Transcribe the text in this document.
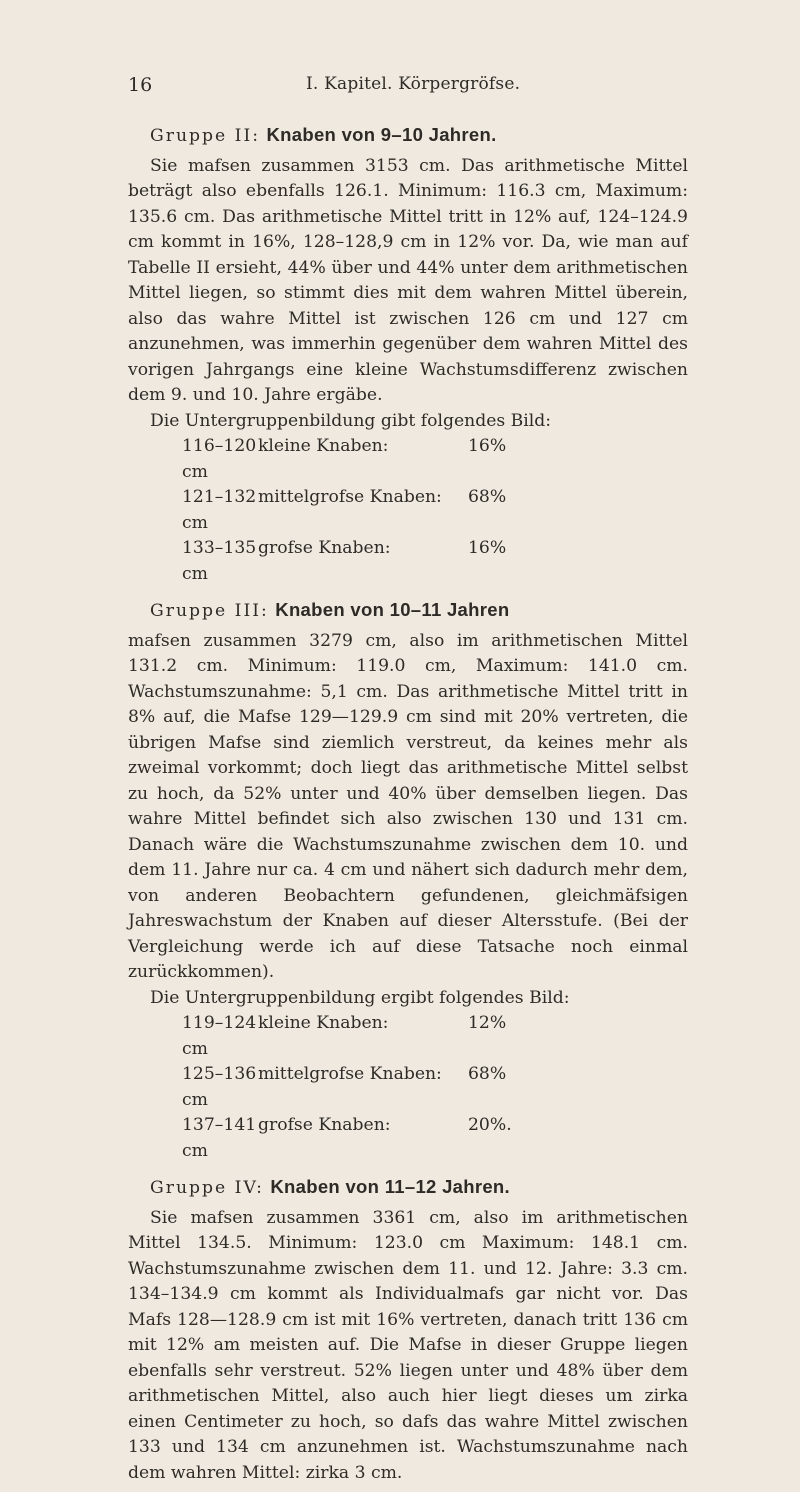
16	I. Kapitel. Körpergröfse.

Gruppe II: Knaben von 9–10 Jahren.

Sie mafsen zusammen 3153 cm. Das arithmetische Mittel beträgt also ebenfalls 126.1. Minimum: 116.3 cm, Maximum: 135.6 cm. Das arithmetische Mittel tritt in 12% auf, 124–124.9 cm kommt in 16%, 128–128,9 cm in 12% vor. Da, wie man auf Tabelle II ersieht, 44% über und 44% unter dem arithmetischen Mittel liegen, so stimmt dies mit dem wahren Mittel überein, also das wahre Mittel ist zwischen 126 cm und 127 cm anzunehmen, was immerhin gegenüber dem wahren Mittel des vorigen Jahrgangs eine kleine Wachstumsdifferenz zwischen dem 9. und 10. Jahre ergäbe.

Die Untergruppenbildung gibt folgendes Bild:

116–120 cm	kleine Knaben:	16%
121–132 cm	mittelgrofse Knaben:	68%
133–135 cm	grofse Knaben:	16%

Gruppe III: Knaben von 10–11 Jahren

mafsen zusammen 3279 cm, also im arithmetischen Mittel 131.2 cm. Minimum: 119.0 cm, Maximum: 141.0 cm. Wachstumszunahme: 5,1 cm. Das arithmetische Mittel tritt in 8% auf, die Mafse 129—129.9 cm sind mit 20% vertreten, die übrigen Mafse sind ziemlich verstreut, da keines mehr als zweimal vorkommt; doch liegt das arithmetische Mittel selbst zu hoch, da 52% unter und 40% über demselben liegen. Das wahre Mittel befindet sich also zwischen 130 und 131 cm. Danach wäre die Wachstumszunahme zwischen dem 10. und dem 11. Jahre nur ca. 4 cm und nähert sich dadurch mehr dem, von anderen Beobachtern gefundenen, gleichmäfsigen Jahreswachstum der Knaben auf dieser Altersstufe. (Bei der Vergleichung werde ich auf diese Tatsache noch einmal zurückkommen).

Die Untergruppenbildung ergibt folgendes Bild:

119–124 cm	kleine Knaben:	12%
125–136 cm	mittelgrofse Knaben:	68%
137–141 cm	grofse Knaben:	20%.

Gruppe IV: Knaben von 11–12 Jahren.

Sie mafsen zusammen 3361 cm, also im arithmetischen Mittel 134.5. Minimum: 123.0 cm Maximum: 148.1 cm. Wachstumszunahme zwischen dem 11. und 12. Jahre: 3.3 cm. 134–134.9 cm kommt als Individualmafs gar nicht vor. Das Mafs 128—128.9 cm ist mit 16% vertreten, danach tritt 136 cm mit 12% am meisten auf. Die Mafse in dieser Gruppe liegen ebenfalls sehr verstreut. 52% liegen unter und 48% über dem arithmetischen Mittel, also auch hier liegt dieses um zirka einen Centimeter zu hoch, so dafs das wahre Mittel zwischen 133 und 134 cm anzunehmen ist. Wachstumszunahme nach dem wahren Mittel: zirka 3 cm.
